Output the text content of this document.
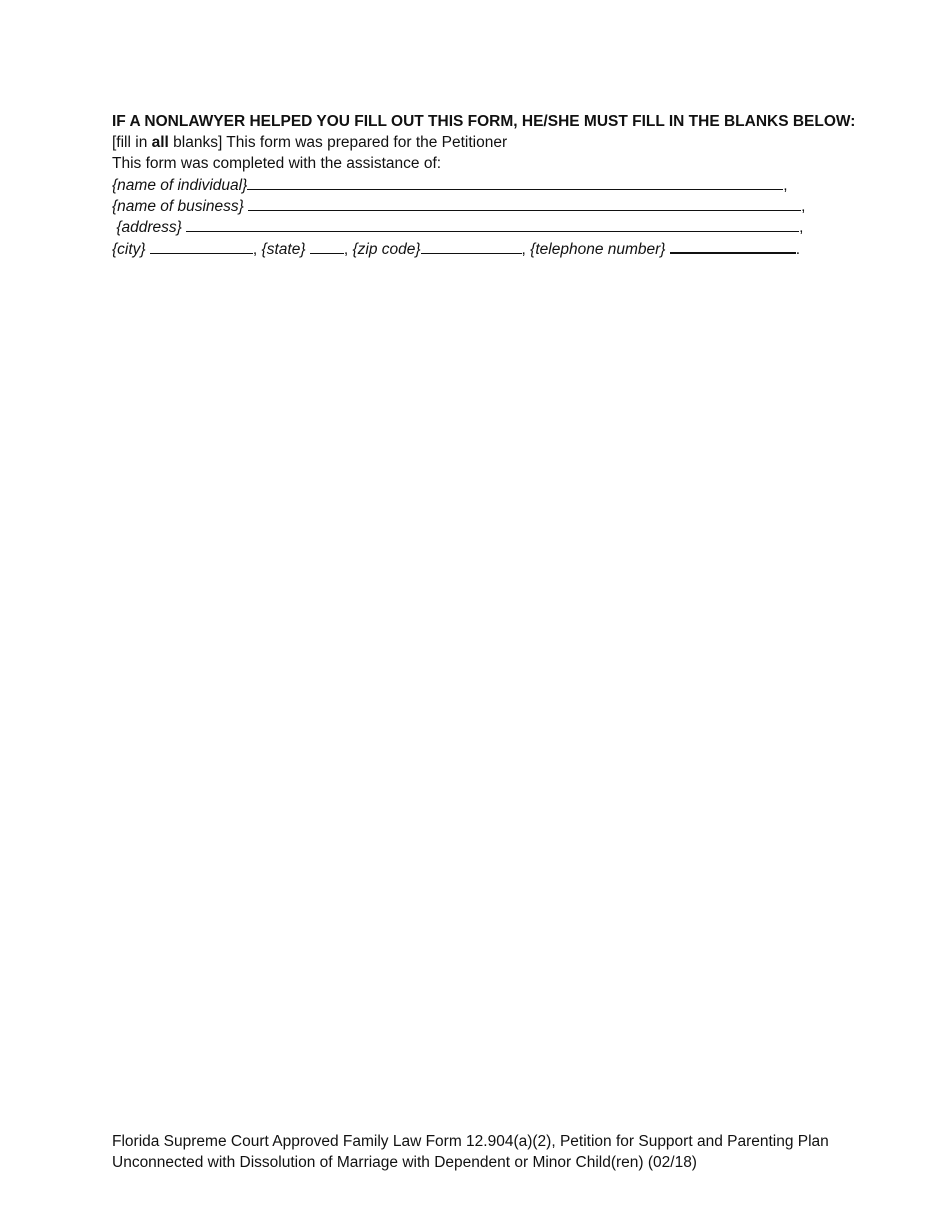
IF A NONLAWYER HELPED YOU FILL OUT THIS FORM, HE/SHE MUST FILL IN THE BLANKS BELOW:
[fill in all blanks] This form was prepared for the Petitioner
This form was completed with the assistance of:
{name of individual}	,
{name of business}	,
{address}	,
{city}	, {state} , {zip code}	, {telephone number}	.
Florida Supreme Court Approved Family Law Form 12.904(a)(2), Petition for Support and Parenting Plan
Unconnected with Dissolution of Marriage with Dependent or Minor Child(ren) (02/18)
